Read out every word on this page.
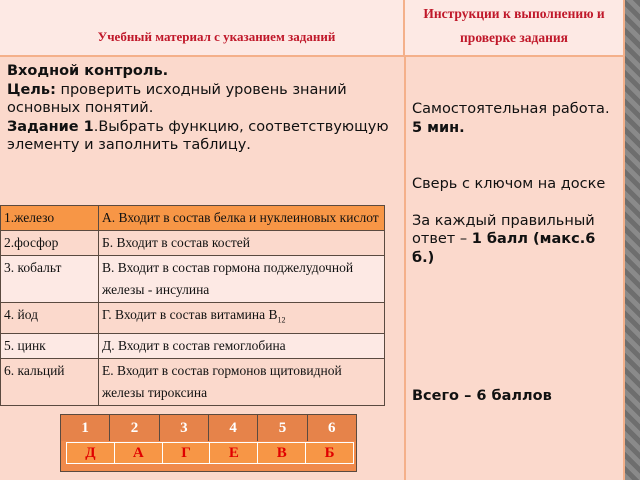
Учебный материал с указанием заданий
Инструкции к выполнению и проверке задания
Входной контроль.
Цель: проверить исходный уровень знаний основных понятий.
Задание 1.Выбрать функцию, соответствующую элементу и заполнить таблицу.
Самостоятельная работа.
5 мин.
Сверь с ключом на доске
За каждый правильный ответ – 1 балл (макс.6 б.)
Всего – 6 баллов
1.железо	А. Входит в состав белка и нуклеиновых кислот
2.фосфор	Б. Входит в состав костей
3. кобальт	В. Входит в состав гормона поджелудочной железы - инсулина
4. йод	Г. Входит в состав витамина $B_{12}$
5. цинк	Д. Входит в состав гемоглобина
6. кальций	Е. Входит в состав гормонов щитовидной железы тироксина
1	2	3	4	5	6
Д	А	Г	Е	В	Б
